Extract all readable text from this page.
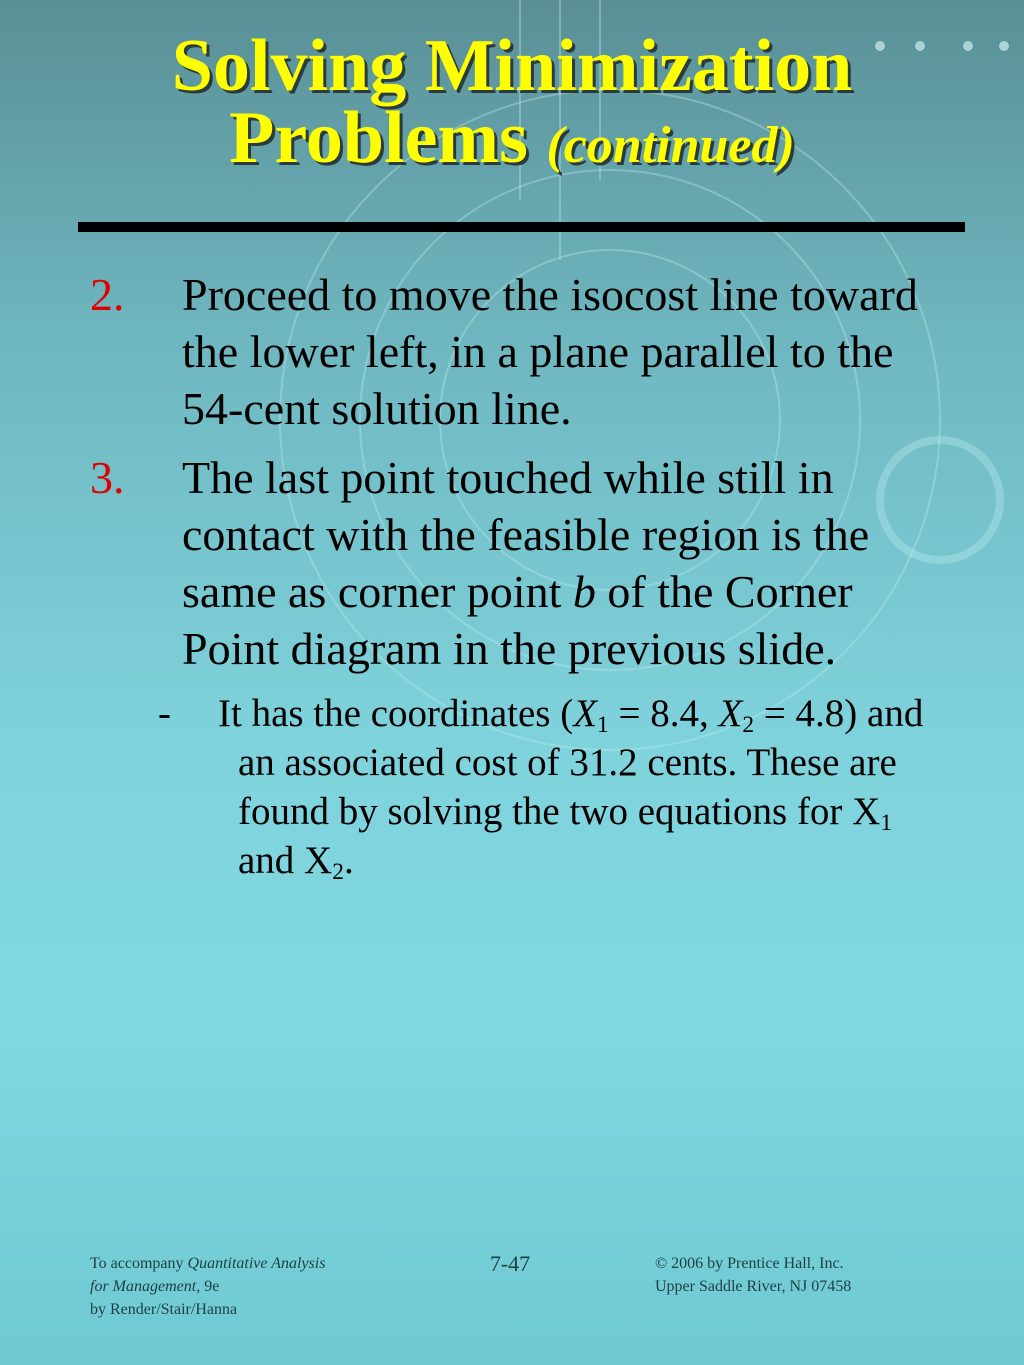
Solving Minimization
Problems (continued)
2.	Proceed to move the isocost line toward the lower left, in a plane parallel to the 54-cent solution line.
3.	The last point touched while still in contact with the feasible region is the same as corner point b of the Corner Point diagram in the previous slide.
-	It has the coordinates ($X_1 = 8.4$, $X_2 = 4.8$) and an associated cost of 31.2 cents. These are found by solving the two equations for $X_1$ and $X_2$.
To accompany Quantitative Analysis
for Management, 9e
by Render/Stair/Hanna
7-47	© 2006 by Prentice Hall, Inc.
Upper Saddle River, NJ 07458
